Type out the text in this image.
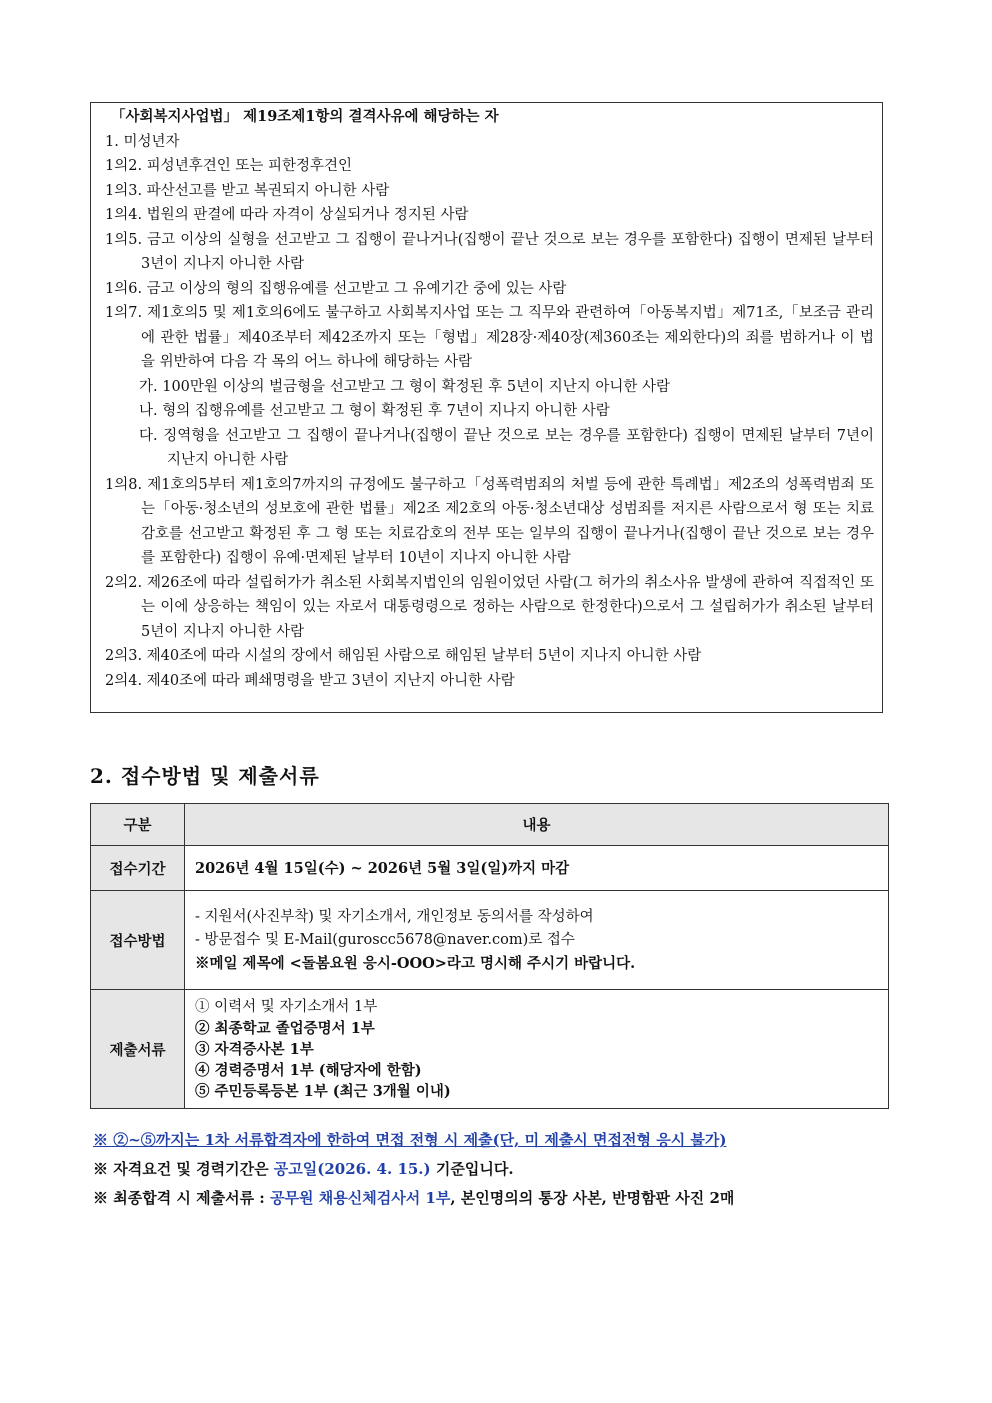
「사회복지사업법」 제19조제1항의 결격사유에 해당하는 자
1. 미성년자
1의2. 피성년후견인 또는 피한정후견인
1의3. 파산선고를 받고 복권되지 아니한 사람
1의4. 법원의 판결에 따라 자격이 상실되거나 정지된 사람
1의5. 금고 이상의 실형을 선고받고 그 집행이 끝나거나(집행이 끝난 것으로 보는 경우를 포함한다) 집행이 면제된 날부터 3년이 지나지 아니한 사람
1의6. 금고 이상의 형의 집행유예를 선고받고 그 유예기간 중에 있는 사람
1의7. 제1호의5 및 제1호의6에도 불구하고 사회복지사업 또는 그 직무와 관련하여「아동복지법」제71조,「보조금 관리에 관한 법률」제40조부터 제42조까지 또는「형법」제28장·제40장(제360조는 제외한다)의 죄를 범하거나 이 법을 위반하여 다음 각 목의 어느 하나에 해당하는 사람
가. 100만원 이상의 벌금형을 선고받고 그 형이 확정된 후 5년이 지난지 아니한 사람
나. 형의 집행유예를 선고받고 그 형이 확정된 후 7년이 지나지 아니한 사람
다. 징역형을 선고받고 그 집행이 끝나거나(집행이 끝난 것으로 보는 경우를 포함한다) 집행이 면제된 날부터 7년이 지난지 아니한 사람
1의8. 제1호의5부터 제1호의7까지의 규정에도 불구하고「성폭력범죄의 처벌 등에 관한 특례법」제2조의 성폭력범죄 또는「아동·청소년의 성보호에 관한 법률」제2조 제2호의 아동·청소년대상 성범죄를 저지른 사람으로서 형 또는 치료감호를 선고받고 확정된 후 그 형 또는 치료감호의 전부 또는 일부의 집행이 끝나거나(집행이 끝난 것으로 보는 경우를 포함한다) 집행이 유예·면제된 날부터 10년이 지나지 아니한 사람
2의2. 제26조에 따라 설립허가가 취소된 사회복지법인의 임원이었던 사람(그 허가의 취소사유 발생에 관하여 직접적인 또는 이에 상응하는 책임이 있는 자로서 대통령령으로 정하는 사람으로 한정한다)으로서 그 설립허가가 취소된 날부터 5년이 지나지 아니한 사람
2의3. 제40조에 따라 시설의 장에서 해임된 사람으로 해임된 날부터 5년이 지나지 아니한 사람
2의4. 제40조에 따라 폐쇄명령을 받고 3년이 지난지 아니한 사람
2. 접수방법 및 제출서류
구분	내용
접수기간	2026년 4월 15일(수) ~ 2026년 5월 3일(일)까지 마감
접수방법	- 지원서(사진부착) 및 자기소개서, 개인정보 동의서를 작성하여
- 방문접수 및 E-Mail(guroscc5678@naver.com)로 접수
※메일 제목에 <돌봄요원 응시-OOO>라고 명시해 주시기 바랍니다.

제출서류	① 이력서 및 자기소개서 1부
② 최종학교 졸업증명서 1부
③ 자격증사본 1부
④ 경력증명서 1부 (해당자에 한함)
⑤ 주민등록등본 1부 (최근 3개월 이내)
※ ②~⑤까지는 1차 서류합격자에 한하여 면접 전형 시 제출(단, 미 제출시 면접전형 응시 불가)
※ 자격요건 및 경력기간은 공고일(2026. 4. 15.) 기준입니다.
※ 최종합격 시 제출서류 : 공무원 채용신체검사서 1부, 본인명의의 통장 사본, 반명함판 사진 2매
